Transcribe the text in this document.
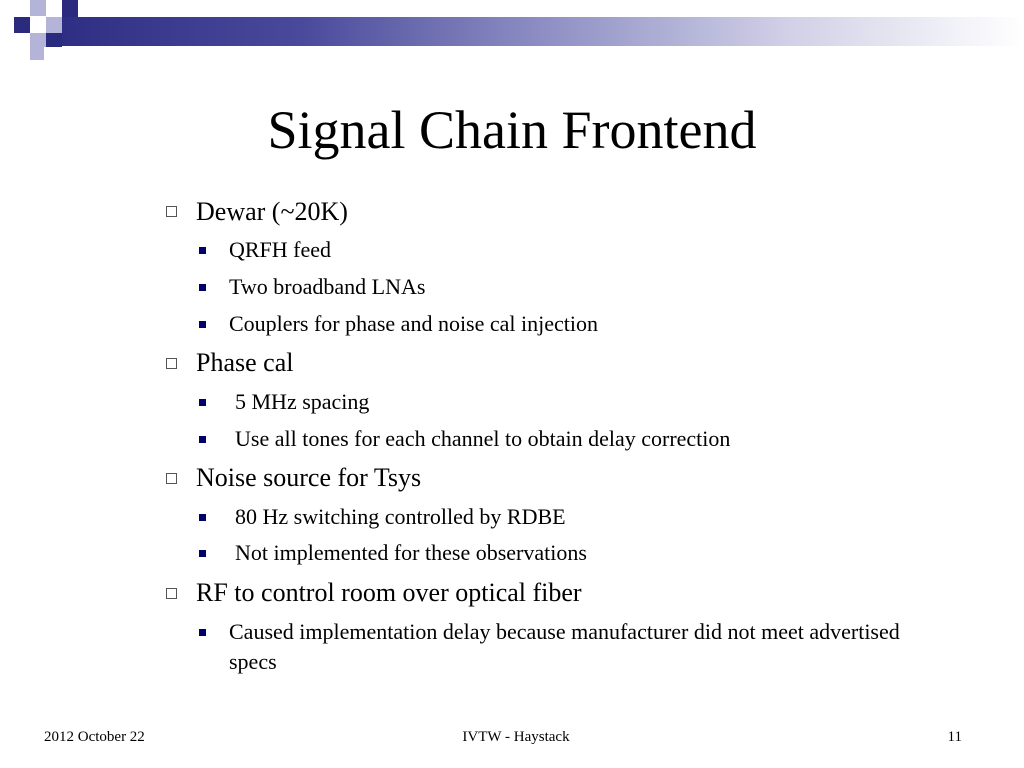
Signal Chain Frontend
Dewar (~20K)
QRFH feed
Two broadband LNAs
Couplers for phase and noise cal injection
Phase cal
5 MHz spacing
Use all tones for each channel to obtain delay correction
Noise source for Tsys
80 Hz switching controlled by RDBE
Not implemented for these observations
RF to control room over optical fiber
Caused implementation delay because manufacturer did not meet advertised specs
2012 October 22	IVTW - Haystack	11
